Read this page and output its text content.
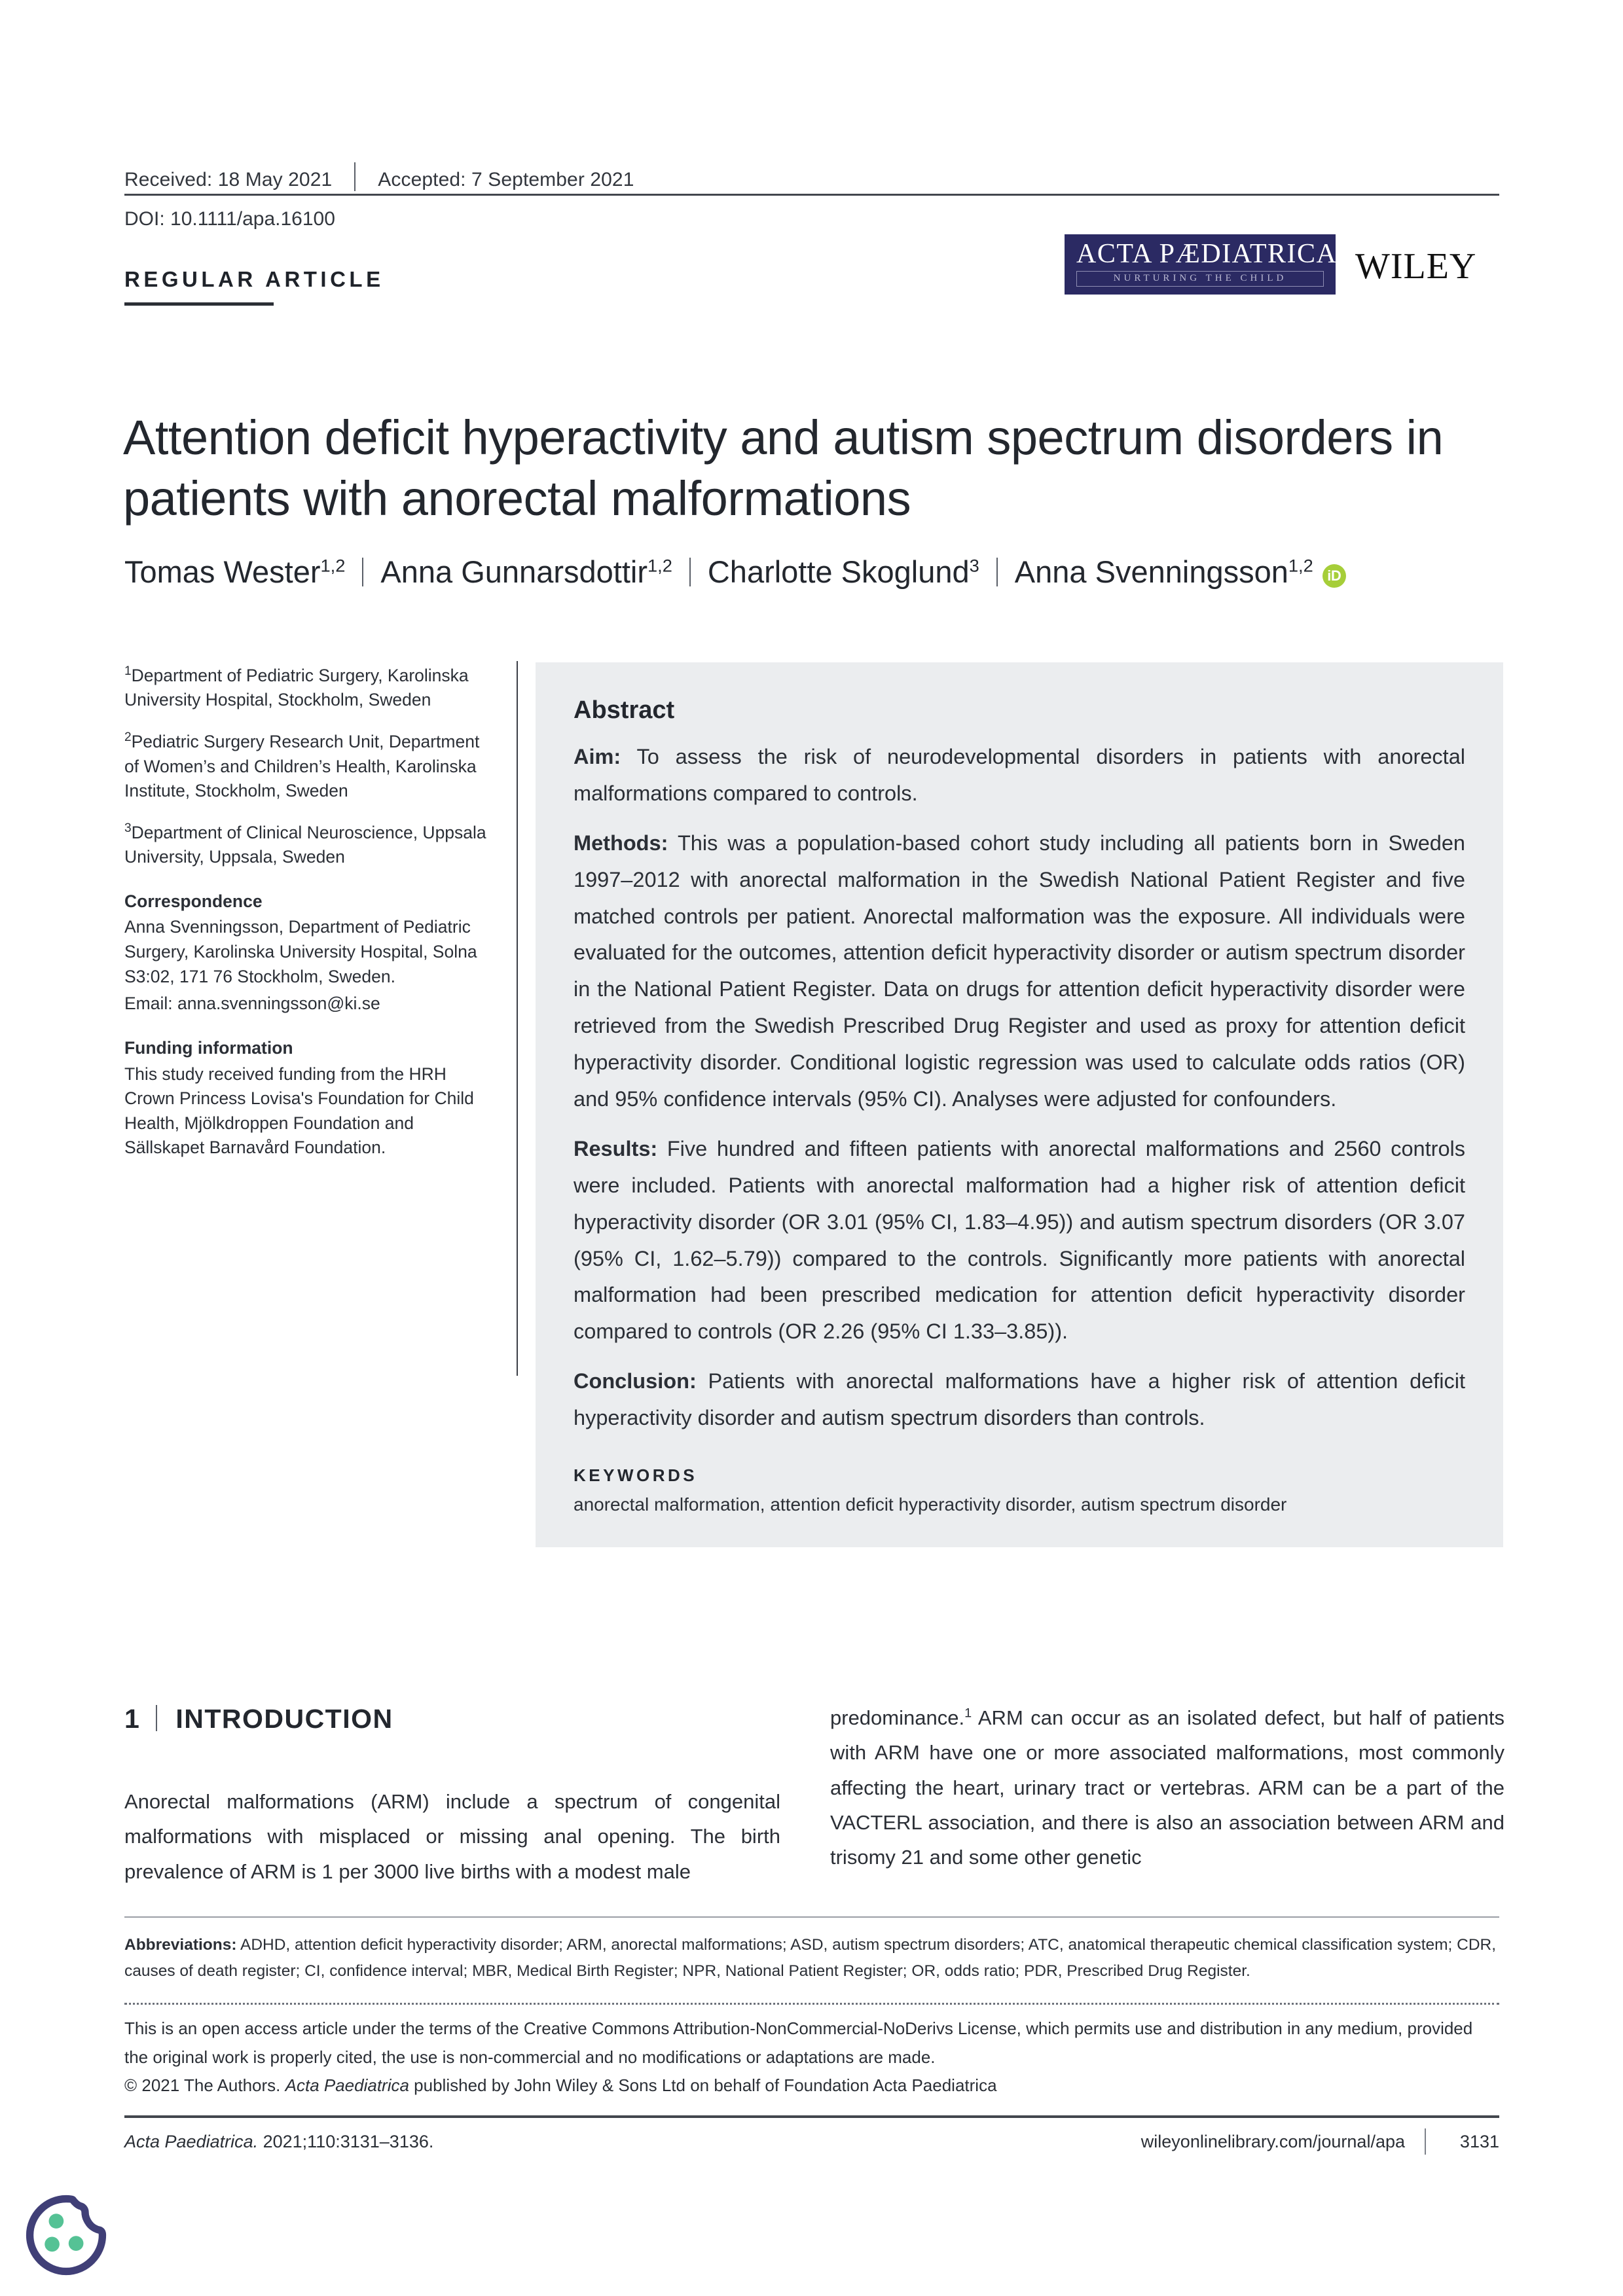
Received: 18 May 2021	Accepted: 7 September 2021
DOI: 10.1111/apa.16100
REGULAR ARTICLE
ACTA PÆDIATRICA
NURTURING THE CHILD	WILEY
Attention deficit hyperactivity and autism spectrum disorders in patients with anorectal malformations
Tomas Wester$^{1,2}$ Anna Gunnarsdottir$^{1,2}$ Charlotte Skoglund$^3$ Anna Svenningsson$^{1,2}$iD
$^1$Department of Pediatric Surgery, Karolinska University Hospital, Stockholm, Sweden
$^2$Pediatric Surgery Research Unit, Department of Women’s and Children’s Health, Karolinska Institute, Stockholm, Sweden
$^3$Department of Clinical Neuroscience, Uppsala University, Uppsala, Sweden
Correspondence
Anna Svenningsson, Department of Pediatric Surgery, Karolinska University Hospital, Solna S3:02, 171 76 Stockholm, Sweden.
Email: anna.svenningsson@ki.se
Funding information
This study received funding from the HRH Crown Princess Lovisa's Foundation for Child Health, Mjölkdroppen Foundation and Sällskapet Barnavård Foundation.
Abstract

Aim: To assess the risk of neurodevelopmental disorders in patients with anorectal malformations compared to controls.

Methods: This was a population-based cohort study including all patients born in Sweden 1997–2012 with anorectal malformation in the Swedish National Patient Register and five matched controls per patient. Anorectal malformation was the exposure. All individuals were evaluated for the outcomes, attention deficit hyperactivity disorder or autism spectrum disorder in the National Patient Register. Data on drugs for attention deficit hyperactivity disorder were retrieved from the Swedish Prescribed Drug Register and used as proxy for attention deficit hyperactivity disorder. Conditional logistic regression was used to calculate odds ratios (OR) and 95% confidence intervals (95% CI). Analyses were adjusted for confounders.

Results: Five hundred and fifteen patients with anorectal malformations and 2560 controls were included. Patients with anorectal malformation had a higher risk of attention deficit hyperactivity disorder (OR 3.01 (95% CI, 1.83–4.95)) and autism spectrum disorders (OR 3.07 (95% CI, 1.62–5.79)) compared to the controls. Significantly more patients with anorectal malformation had been prescribed medication for attention deficit hyperactivity disorder compared to controls (OR 2.26 (95% CI 1.33–3.85)).

Conclusion: Patients with anorectal malformations have a higher risk of attention deficit hyperactivity disorder and autism spectrum disorders than controls.

KEYWORDS
anorectal malformation, attention deficit hyperactivity disorder, autism spectrum disorder
1 INTRODUCTION
Anorectal malformations (ARM) include a spectrum of congenital malformations with misplaced or missing anal opening. The birth prevalence of ARM is 1 per 3000 live births with a modest male
predominance.$^1$ ARM can occur as an isolated defect, but half of patients with ARM have one or more associated malformations, most commonly affecting the heart, urinary tract or vertebras. ARM can be a part of the VACTERL association, and there is also an association between ARM and trisomy 21 and some other genetic
Abbreviations: ADHD, attention deficit hyperactivity disorder; ARM, anorectal malformations; ASD, autism spectrum disorders; ATC, anatomical therapeutic chemical classification system; CDR, causes of death register; CI, confidence interval; MBR, Medical Birth Register; NPR, National Patient Register; OR, odds ratio; PDR, Prescribed Drug Register.
This is an open access article under the terms of the Creative Commons Attribution-NonCommercial-NoDerivs License, which permits use and distribution in any medium, provided the original work is properly cited, the use is non-commercial and no modifications or adaptations are made.
© 2021 The Authors. Acta Paediatrica published by John Wiley & Sons Ltd on behalf of Foundation Acta Paediatrica
Acta Paediatrica. 2021;110:3131–3136.	wileyonlinelibrary.com/journal/apa	3131
